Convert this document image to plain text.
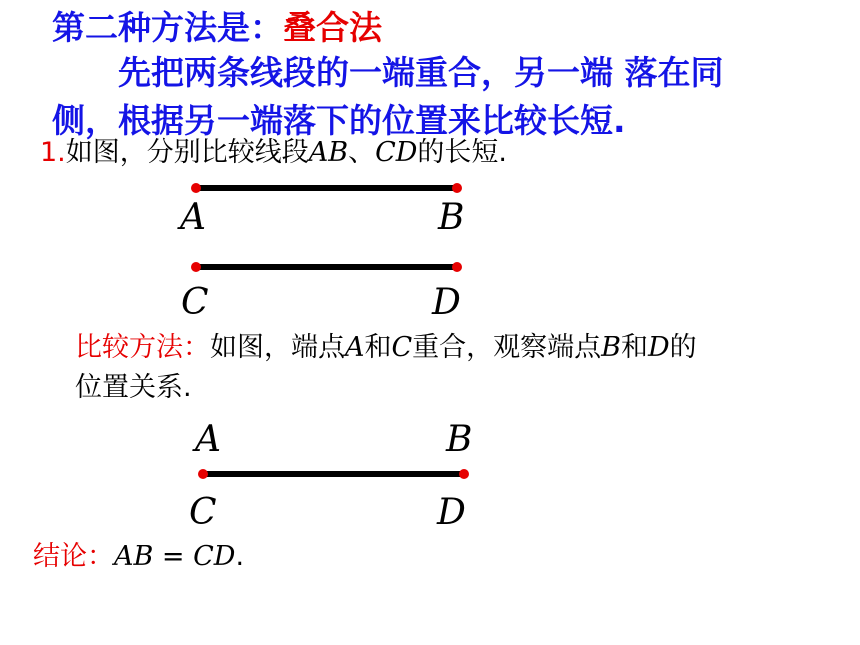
第二种方法是：叠合法
先把两条线段的一端重合，另一端 落在同
侧，根据另一端落下的位置来比较长短.
1.如图，分别比较线段AB、CD的长短.
A	B
C	D
比较方法：如图，端点A和C重合，观察端点B和D的
位置关系.
A	B
C	D
结论：AB = CD.
